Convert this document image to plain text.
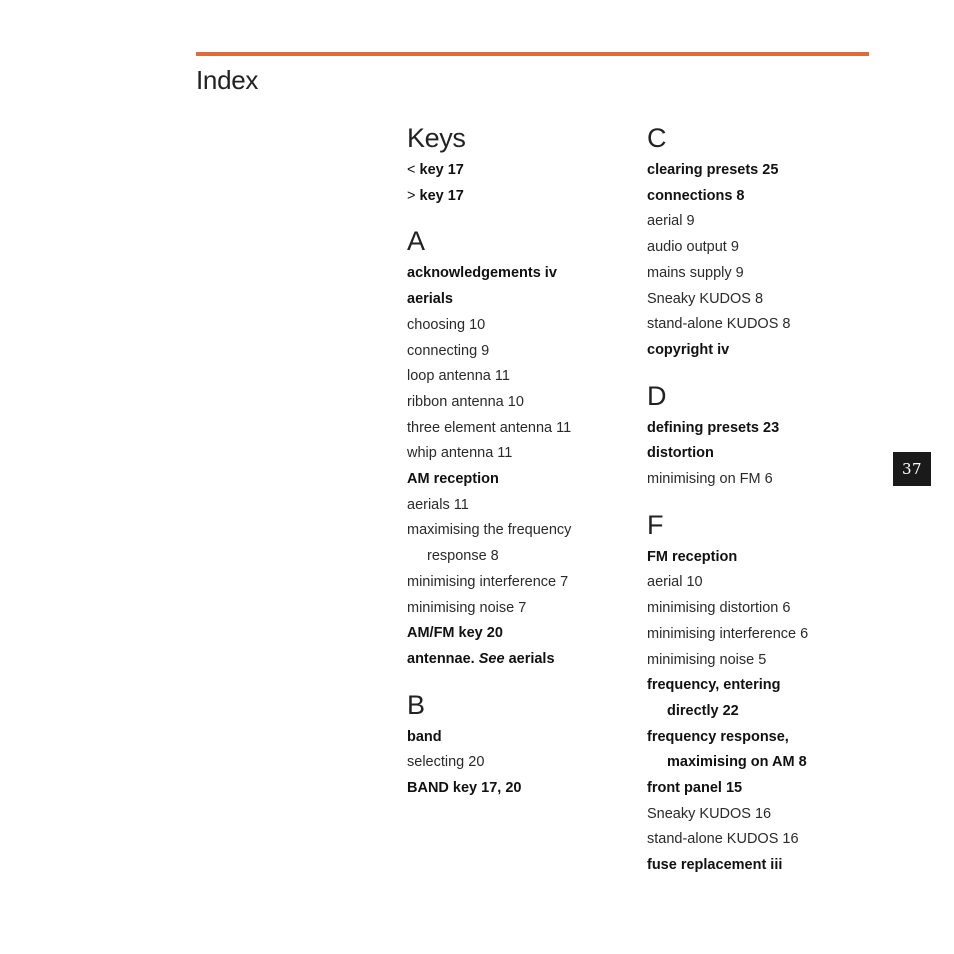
Index
Keys
< key 17
> key 17
A
acknowledgements iv
aerials
choosing 10
connecting 9
loop antenna 11
ribbon antenna 10
three element antenna 11
whip antenna 11
AM reception
aerials 11
maximising the frequency
response 8
minimising interference 7
minimising noise 7
AM/FM key 20
antennae. See aerials
B
band
selecting 20
BAND key 17, 20
C
clearing presets 25
connections 8
aerial 9
audio output 9
mains supply 9
Sneaky KUDOS 8
stand-alone KUDOS 8
copyright iv
D
defining presets 23
distortion
minimising on FM 6
F
FM reception
aerial 10
minimising distortion 6
minimising interference 6
minimising noise 5
frequency, entering
directly 22
frequency response,
maximising on AM 8
front panel 15
Sneaky KUDOS 16
stand-alone KUDOS 16
fuse replacement iii
37
